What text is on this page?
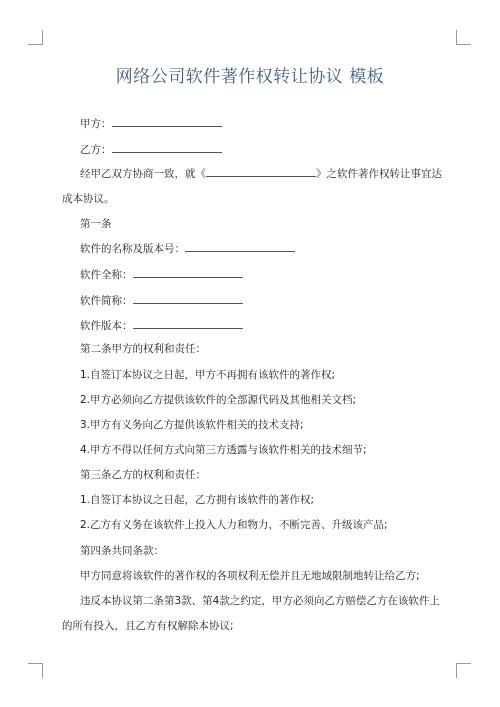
网络公司软件著作权转让协议 模板
甲方：
乙方：
经甲乙双方协商一致，就《	》之软件著作权转让事宜达
成本协议。
第一条
软件的名称及版本号：
软件全称：
软件简称：
软件版本：
第二条甲方的权利和责任：
1.自签订本协议之日起，甲方不再拥有该软件的著作权;
2.甲方必须向乙方提供该软件的全部源代码及其他相关文档;
3.甲方有义务向乙方提供该软件相关的技术支持;
4.甲方不得以任何方式向第三方透露与该软件相关的技术细节;
第三条乙方的权利和责任：
1.自签订本协议之日起，乙方拥有该软件的著作权;
2.乙方有义务在该软件上投入人力和物力，不断完善、升级该产品;
第四条共同条款：
甲方同意将该软件的著作权的各项权利无偿并且无地域限制地转让给乙方;
违反本协议第二条第3款、第4款之约定，甲方必须向乙方赔偿乙方在该软件上
的所有投入，且乙方有权解除本协议;
